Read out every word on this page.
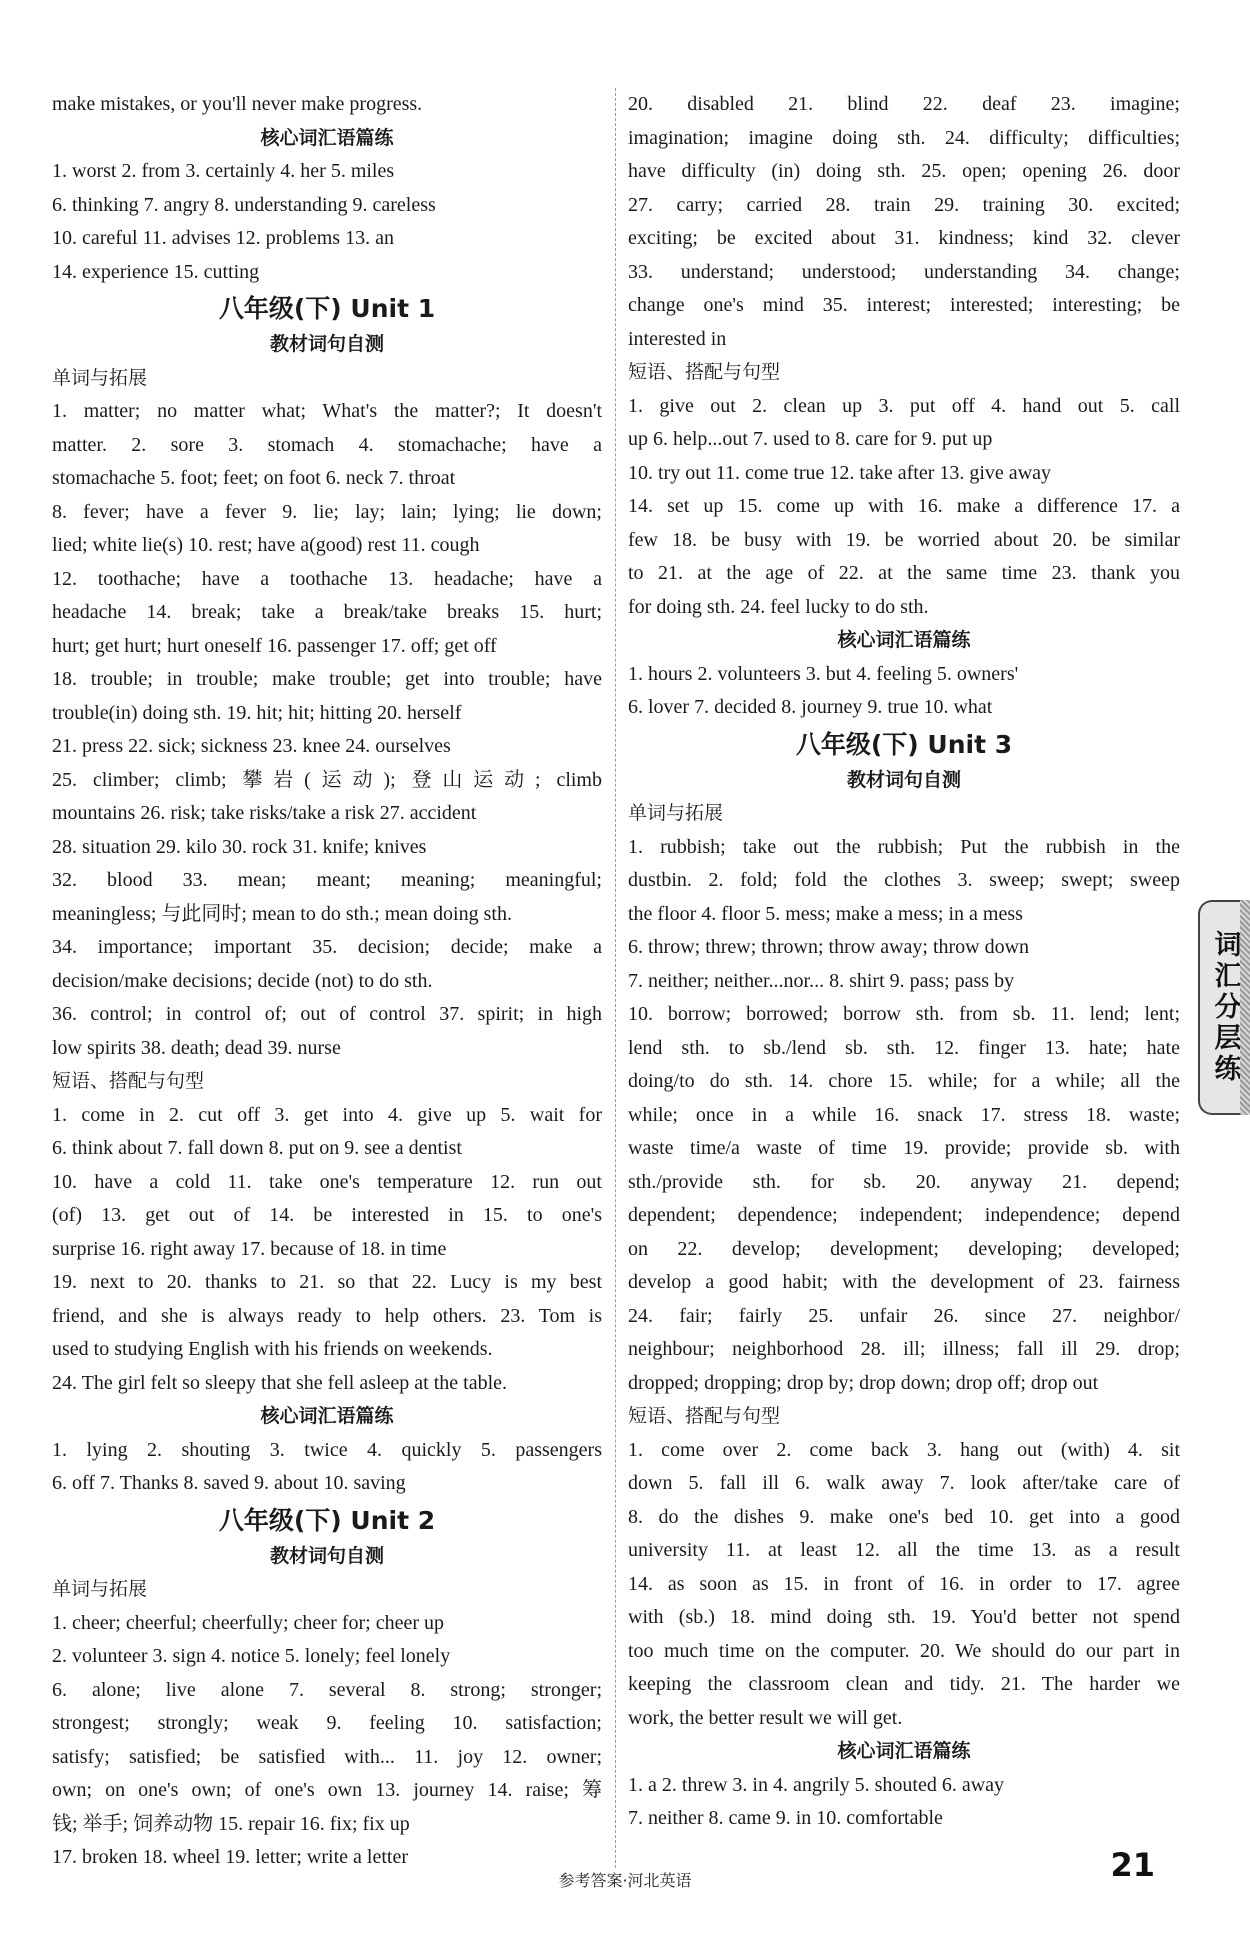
make mistakes, or you'll never make progress.
核心词汇语篇练
1. worst 2. from 3. certainly 4. her 5. miles
6. thinking 7. angry 8. understanding 9. careless
10. careful 11. advises 12. problems 13. an
14. experience 15. cutting
八年级(下) Unit 1
教材词句自测
单词与拓展
1. matter; no matter what; What's the matter?; It doesn't
matter. 2. sore 3. stomach 4. stomachache; have a
stomachache 5. foot; feet; on foot 6. neck 7. throat
8. fever; have a fever 9. lie; lay; lain; lying; lie down;
lied; white lie(s) 10. rest; have a(good) rest 11. cough
12. toothache; have a toothache 13. headache; have a
headache 14. break; take a break/take breaks 15. hurt;
hurt; get hurt; hurt oneself 16. passenger 17. off; get off
18. trouble; in trouble; make trouble; get into trouble; have
trouble(in) doing sth. 19. hit; hit; hitting 20. herself
21. press 22. sick; sickness 23. knee 24. ourselves
25. climber; climb; 攀岩(运动); 登山运动; climb
mountains 26. risk; take risks/take a risk 27. accident
28. situation 29. kilo 30. rock 31. knife; knives
32. blood 33. mean; meant; meaning; meaningful;
meaningless; 与此同时; mean to do sth.; mean doing sth.
34. importance; important 35. decision; decide; make a
decision/make decisions; decide (not) to do sth.
36. control; in control of; out of control 37. spirit; in high
low spirits 38. death; dead 39. nurse
短语、搭配与句型
1. come in 2. cut off 3. get into 4. give up 5. wait for
6. think about 7. fall down 8. put on 9. see a dentist
10. have a cold 11. take one's temperature 12. run out
(of) 13. get out of 14. be interested in 15. to one's
surprise 16. right away 17. because of 18. in time
19. next to 20. thanks to 21. so that 22. Lucy is my best
friend, and she is always ready to help others. 23. Tom is
used to studying English with his friends on weekends.
24. The girl felt so sleepy that she fell asleep at the table.
核心词汇语篇练
1. lying 2. shouting 3. twice 4. quickly 5. passengers
6. off 7. Thanks 8. saved 9. about 10. saving
八年级(下) Unit 2
教材词句自测
单词与拓展
1. cheer; cheerful; cheerfully; cheer for; cheer up
2. volunteer 3. sign 4. notice 5. lonely; feel lonely
6. alone; live alone 7. several 8. strong; stronger;
strongest; strongly; weak 9. feeling 10. satisfaction;
satisfy; satisfied; be satisfied with... 11. joy 12. owner;
own; on one's own; of one's own 13. journey 14. raise; 筹
钱; 举手; 饲养动物 15. repair 16. fix; fix up
17. broken 18. wheel 19. letter; write a letter
20. disabled 21. blind 22. deaf 23. imagine;
imagination; imagine doing sth. 24. difficulty; difficulties;
have difficulty (in) doing sth. 25. open; opening 26. door
27. carry; carried 28. train 29. training 30. excited;
exciting; be excited about 31. kindness; kind 32. clever
33. understand; understood; understanding 34. change;
change one's mind 35. interest; interested; interesting; be
interested in
短语、搭配与句型
1. give out 2. clean up 3. put off 4. hand out 5. call
up 6. help...out 7. used to 8. care for 9. put up
10. try out 11. come true 12. take after 13. give away
14. set up 15. come up with 16. make a difference 17. a
few 18. be busy with 19. be worried about 20. be similar
to 21. at the age of 22. at the same time 23. thank you
for doing sth. 24. feel lucky to do sth.
核心词汇语篇练
1. hours 2. volunteers 3. but 4. feeling 5. owners'
6. lover 7. decided 8. journey 9. true 10. what
八年级(下) Unit 3
教材词句自测
单词与拓展
1. rubbish; take out the rubbish; Put the rubbish in the
dustbin. 2. fold; fold the clothes 3. sweep; swept; sweep
the floor 4. floor 5. mess; make a mess; in a mess
6. throw; threw; thrown; throw away; throw down
7. neither; neither...nor... 8. shirt 9. pass; pass by
10. borrow; borrowed; borrow sth. from sb. 11. lend; lent;
lend sth. to sb./lend sb. sth. 12. finger 13. hate; hate
doing/to do sth. 14. chore 15. while; for a while; all the
while; once in a while 16. snack 17. stress 18. waste;
waste time/a waste of time 19. provide; provide sb. with
sth./provide sth. for sb. 20. anyway 21. depend;
dependent; dependence; independent; independence; depend
on 22. develop; development; developing; developed;
develop a good habit; with the development of 23. fairness
24. fair; fairly 25. unfair 26. since 27. neighbor/
neighbour; neighborhood 28. ill; illness; fall ill 29. drop;
dropped; dropping; drop by; drop down; drop off; drop out
短语、搭配与句型
1. come over 2. come back 3. hang out (with) 4. sit
down 5. fall ill 6. walk away 7. look after/take care of
8. do the dishes 9. make one's bed 10. get into a good
university 11. at least 12. all the time 13. as a result
14. as soon as 15. in front of 16. in order to 17. agree
with (sb.) 18. mind doing sth. 19. You'd better not spend
too much time on the computer. 20. We should do our part in
keeping the classroom clean and tidy. 21. The harder we
work, the better result we will get.
核心词汇语篇练
1. a 2. threw 3. in 4. angrily 5. shouted 6. away
7. neither 8. came 9. in 10. comfortable
词汇分层练
参考答案·河北英语	21
